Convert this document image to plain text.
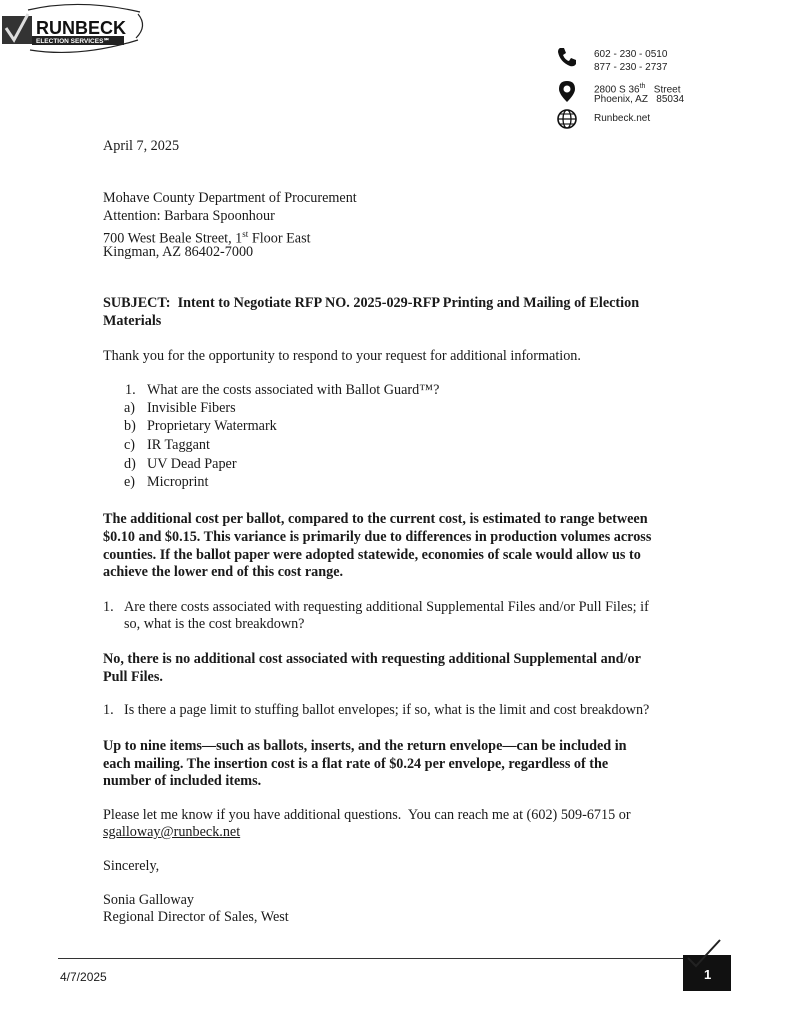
RUNBECK
ELECTION SERVICES℠
602 - 230 - 0510
877 - 230 - 2737
2800 S 36th Street
Phoenix, AZ   85034
Runbeck.net
April 7, 2025
Mohave County Department of Procurement
Attention: Barbara Spoonhour
700 West Beale Street, 1st Floor East
Kingman, AZ 86402-7000
SUBJECT:  Intent to Negotiate RFP NO. 2025-029-RFP Printing and Mailing of Election
Materials
Thank you for the opportunity to respond to your request for additional information.
1. What are the costs associated with Ballot Guard™?
a) Invisible Fibers
b) Proprietary Watermark
c) IR Taggant
d) UV Dead Paper
e) Microprint
The additional cost per ballot, compared to the current cost, is estimated to range between
$0.10 and $0.15. This variance is primarily due to differences in production volumes across
counties. If the ballot paper were adopted statewide, economies of scale would allow us to
achieve the lower end of this cost range.
1. Are there costs associated with requesting additional Supplemental Files and/or Pull Files; if
so, what is the cost breakdown?
No, there is no additional cost associated with requesting additional Supplemental and/or
Pull Files.
1. Is there a page limit to stuffing ballot envelopes; if so, what is the limit and cost breakdown?
Up to nine items—such as ballots, inserts, and the return envelope—can be included in
each mailing. The insertion cost is a flat rate of $0.24 per envelope, regardless of the
number of included items.
Please let me know if you have additional questions.  You can reach me at (602) 509-6715 or
sgalloway@runbeck.net
Sincerely,
Sonia Galloway
Regional Director of Sales, West
4/7/2025	1
